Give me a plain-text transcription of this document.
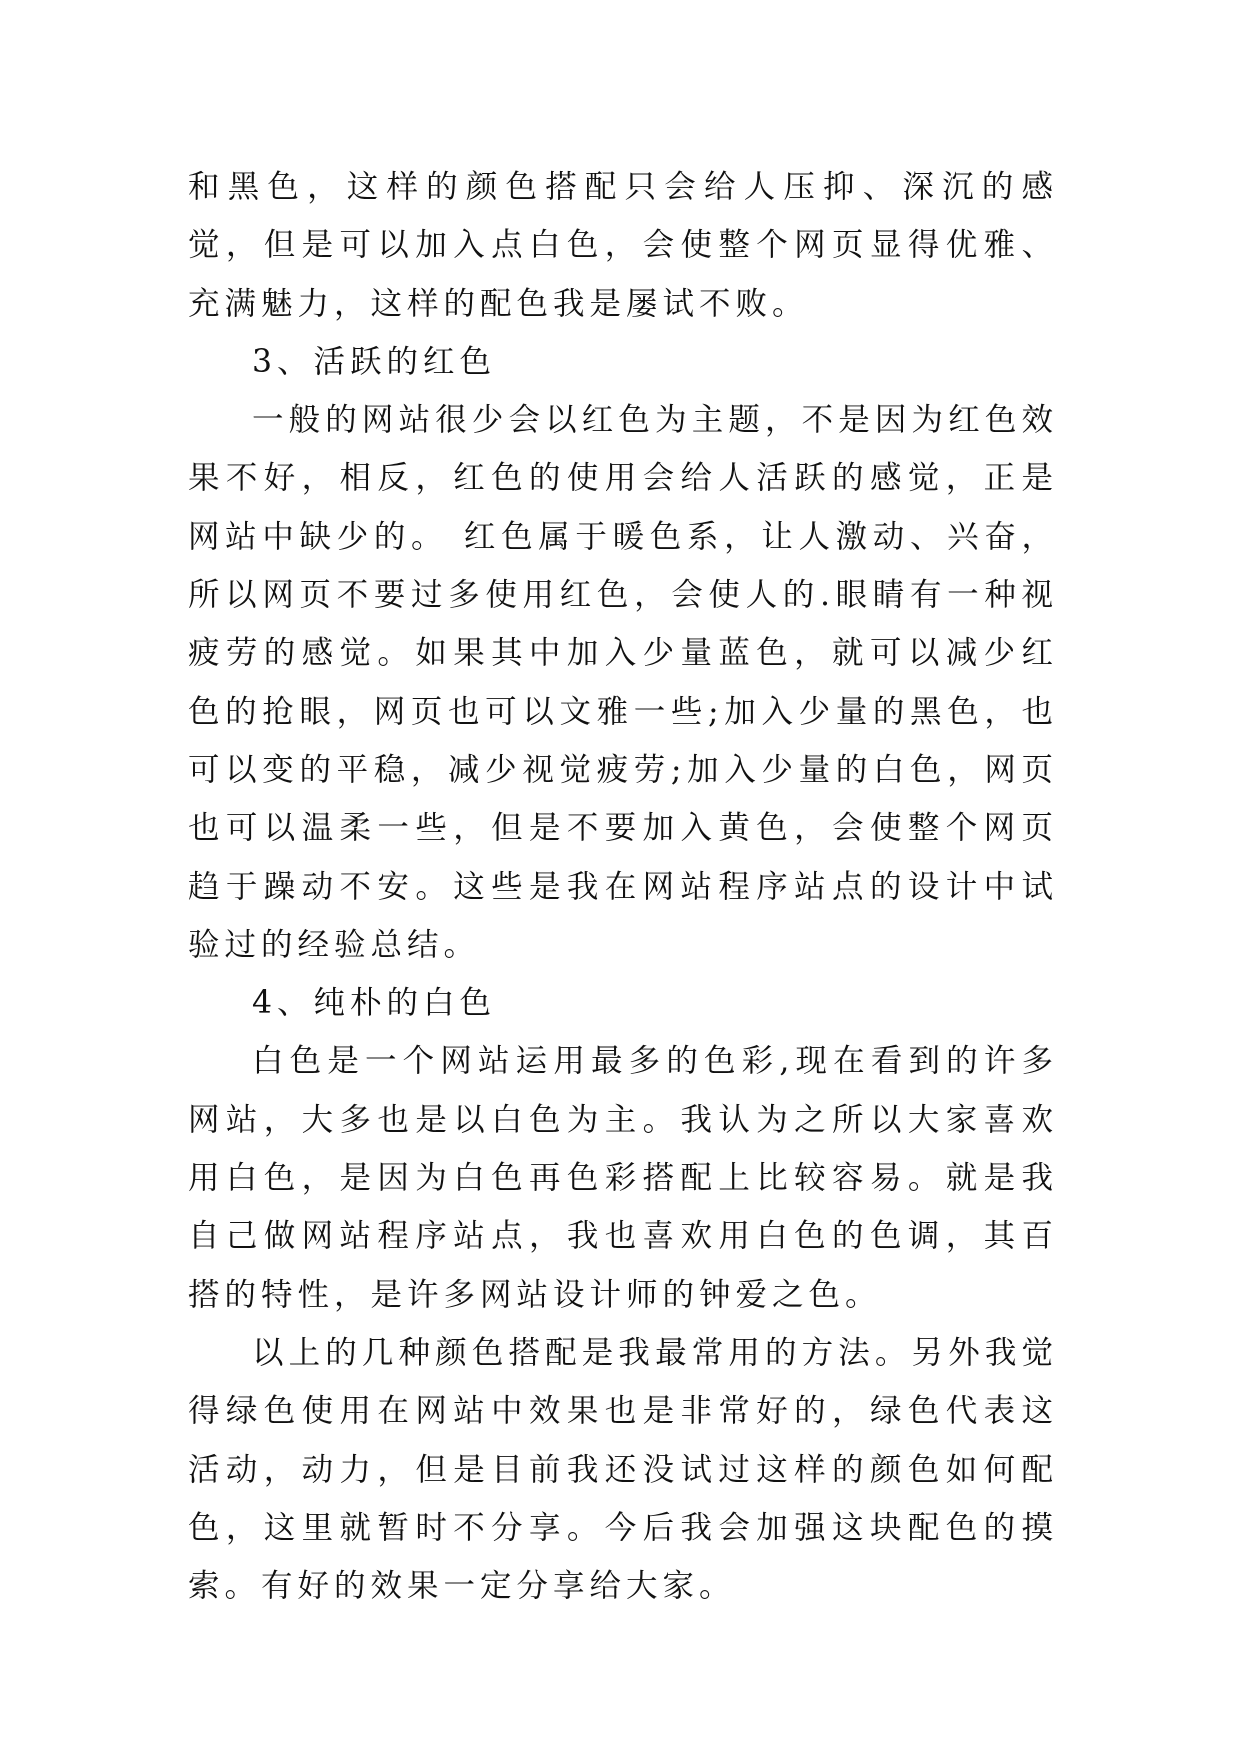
和黑色，这样的颜色搭配只会给人压抑、深沉的感觉，但是可以加入点白色，会使整个网页显得优雅、充满魅力，这样的配色我是屡试不败。

3、活跃的红色

一般的网站很少会以红色为主题，不是因为红色效果不好，相反，红色的使用会给人活跃的感觉，正是网站中缺少的。 红色属于暖色系，让人激动、兴奋，所以网页不要过多使用红色，会使人的.眼睛有一种视疲劳的感觉。如果其中加入少量蓝色，就可以减少红色的抢眼，网页也可以文雅一些;加入少量的黑色，也可以变的平稳，减少视觉疲劳;加入少量的白色，网页也可以温柔一些，但是不要加入黄色，会使整个网页趋于躁动不安。这些是我在网站程序站点的设计中试验过的经验总结。

4、纯朴的白色

白色是一个网站运用最多的色彩,现在看到的许多网站，大多也是以白色为主。我认为之所以大家喜欢用白色，是因为白色再色彩搭配上比较容易。就是我自己做网站程序站点，我也喜欢用白色的色调，其百搭的特性，是许多网站设计师的钟爱之色。

以上的几种颜色搭配是我最常用的方法。另外我觉得绿色使用在网站中效果也是非常好的，绿色代表这活动，动力，但是目前我还没试过这样的颜色如何配色，这里就暂时不分享。今后我会加强这块配色的摸索。有好的效果一定分享给大家。
